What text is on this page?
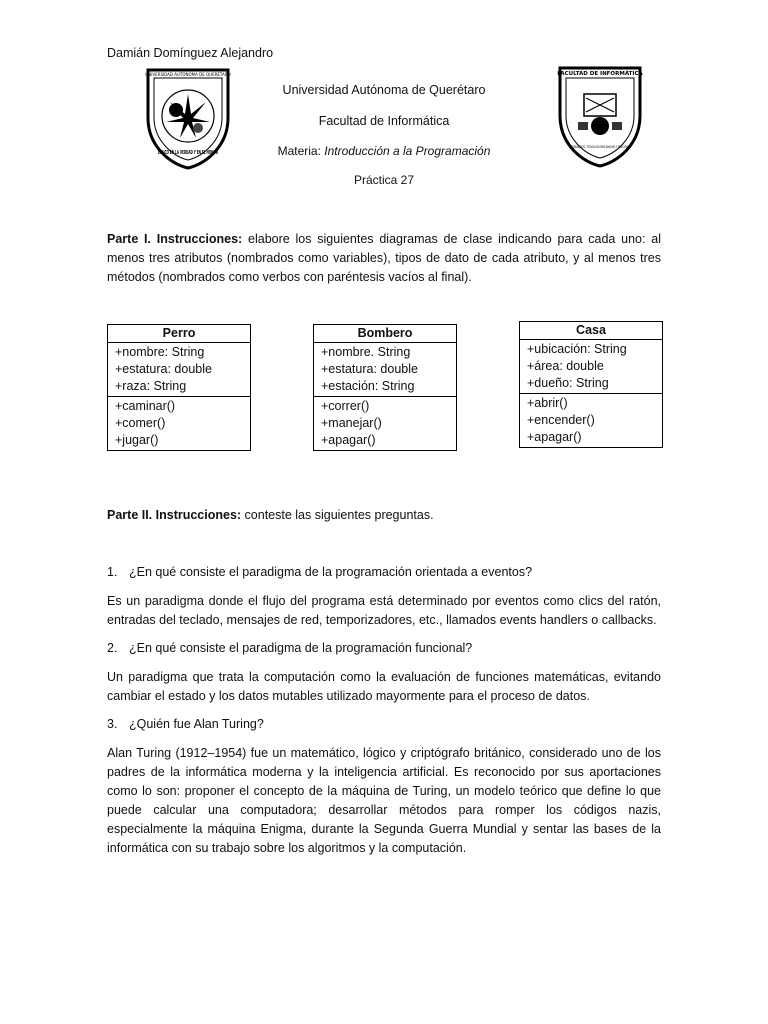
Damián Domínguez Alejandro
UNIVERSIDAD AUTÓNOMA DE QUERÉTARO
EDUCO EN LA VERDAD Y EN EL HONOR
FACULTAD DE INFORMÁTICA
RAZONAMIENTO, TECNOLOGÍA PARA INNOVAR Y TRASCENDER
Universidad Autónoma de Querétaro
Facultad de Informática
Materia: Introducción a la Programación
Práctica 27
Parte I. Instrucciones: elabore los siguientes diagramas de clase indicando para cada uno: al menos tres atributos (nombrados como variables), tipos de dato de cada atributo, y al menos tres métodos (nombrados como verbos con paréntesis vacíos al final).
Perro
+nombre: String
+estatura: double
+raza: String
+caminar()
+comer()
+jugar()
Bombero
+nombre. String
+estatura: double
+estación: String
+correr()
+manejar()
+apagar()
Casa
+ubicación: String
+área: double
+dueño: String
+abrir()
+encender()
+apagar()
Parte II. Instrucciones: conteste las siguientes preguntas.
1. ¿En qué consiste el paradigma de la programación orientada a eventos?
Es un paradigma donde el flujo del programa está determinado por eventos como clics del ratón, entradas del teclado, mensajes de red, temporizadores, etc., llamados events handlers o callbacks.
2. ¿En qué consiste el paradigma de la programación funcional?
Un paradigma que trata la computación como la evaluación de funciones matemáticas, evitando cambiar el estado y los datos mutables utilizado mayormente para el proceso de datos.
3. ¿Quién fue Alan Turing?
Alan Turing (1912–1954) fue un matemático, lógico y criptógrafo británico, considerado uno de los padres de la informática moderna y la inteligencia artificial. Es reconocido por sus aportaciones como lo son: proponer el concepto de la máquina de Turing, un modelo teórico que define lo que puede calcular una computadora; desarrollar métodos para romper los códigos nazis, especialmente la máquina Enigma, durante la Segunda Guerra Mundial y sentar las bases de la informática con su trabajo sobre los algoritmos y la computación.
